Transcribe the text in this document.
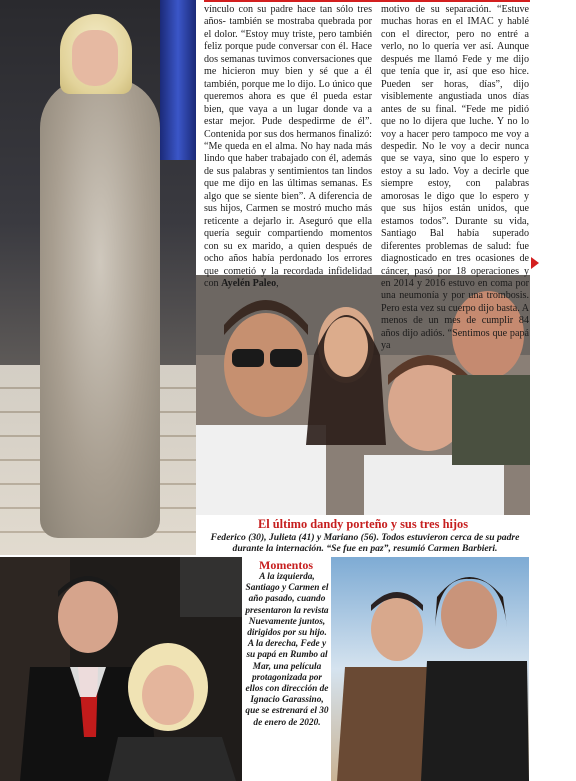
vínculo con su padre hace tan sólo tres años- también se mostraba quebrada por el dolor. “Estoy muy triste, pero también feliz porque pude conversar con él. Hace dos semanas tuvimos conversaciones que me hicieron muy bien y sé que a él también, porque me lo dijo. Lo único que queremos ahora es que él pueda estar bien, que vaya a un lugar donde va a estar mejor. Pude despedirme de él”. Contenida por sus dos hermanos finalizó: “Me queda en el alma. No hay nada más lindo que haber trabajado con él, además de sus palabras y sentimientos tan lindos que me dijo en las últimas semanas. Es algo que se siente bien”. A diferencia de sus hijos, Carmen se mostró mucho más reticente a dejarlo ir. Aseguró que ella quería seguir compartiendo momentos con su ex marido, a quien después de ocho años había perdonado los errores que cometió y la recordada infidelidad con Ayelén Paleo,
motivo de su separación. “Estuve muchas horas en el IMAC y hablé con el director, pero no entré a verlo, no lo quería ver así. Aunque después me llamó Fede y me dijo que tenía que ir, así que eso hice. Pueden ser horas, días”, dijo visiblemente angustiada unos días antes de su final. “Fede me pidió que no lo dijera que luche. Y no lo voy a hacer pero tampoco me voy a despedir. No le voy a decir nunca que se vaya, sino que lo espero y estoy a su lado. Voy a decirle que siempre estoy, con palabras amorosas le digo que lo espero y que sus hijos están unidos, que estamos todos”. Durante su vida, Santiago Bal había superado diferentes problemas de salud: fue diagnosticado en tres ocasiones de cáncer, pasó por 18 operaciones y en 2014 y 2016 estuvo en coma por una neumonía y por una trombosis. Pero esta vez su cuerpo dijo basta. A menos de un mes de cumplir 84 años dijo adiós. “Sentimos que papá ya
El último dandy porteño y sus tres hijos
Federico (30), Julieta (41) y Mariano (56). Todos estuvieron cerca de su padre durante la internación. “Se fue en paz”, resumió Carmen Barbieri.
Momentos
A la izquierda, Santiago y Carmen el año pasado, cuando presentaron la revista Nuevamente juntos, dirigidos por su hijo. A la derecha, Fede y su papá en Rumbo al Mar, una película protagonizada por ellos con dirección de Ignacio Garassino, que se estrenará el 30 de enero de 2020.
